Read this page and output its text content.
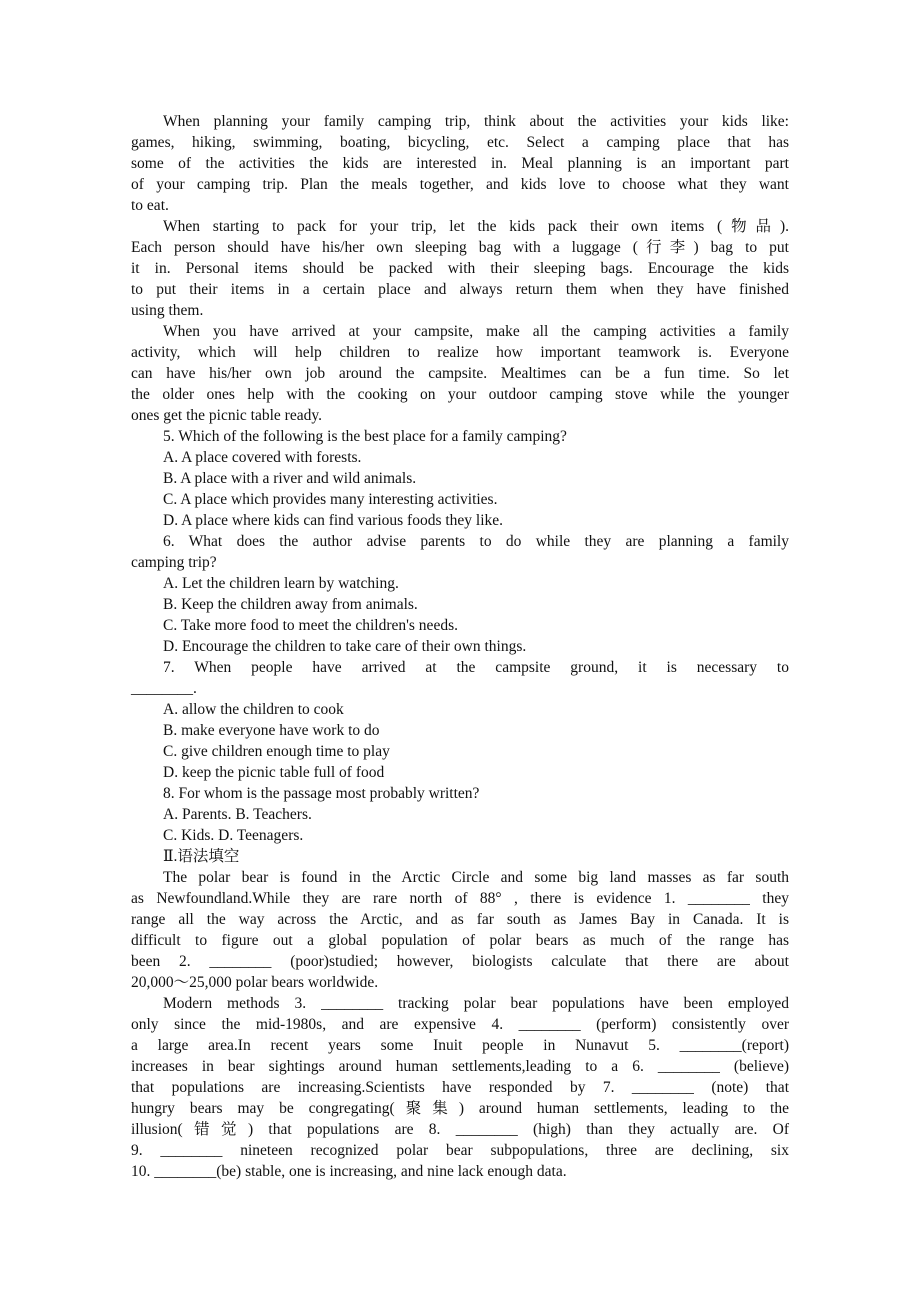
When planning your family camping trip, think about the activities your kids like:
games, hiking, swimming, boating, bicycling, etc. Select a camping place that has
some of the activities the kids are interested in. Meal planning is an important part
of your camping trip. Plan the meals together, and kids love to choose what they want
to eat.
When starting to pack for your trip, let the kids pack their own items (物品).
Each person should have his/her own sleeping bag with a luggage (行李) bag to put
it in. Personal items should be packed with their sleeping bags. Encourage the kids
to put their items in a certain place and always return them when they have finished
using them.
When you have arrived at your campsite, make all the camping activities a family
activity, which will help children to realize how important teamwork is. Everyone
can have his/her own job around the campsite. Mealtimes can be a fun time. So let
the older ones help with the cooking on your outdoor camping stove while the younger
ones get the picnic table ready.
5. Which of the following is the best place for a family camping?
A. A place covered with forests.
B. A place with a river and wild animals.
C. A place which provides many interesting activities.
D. A place where kids can find various foods they like.
6. What does the author advise parents to do while they are planning a family
camping trip?
A. Let the children learn by watching.
B. Keep the children away from animals.
C. Take more food to meet the children's needs.
D. Encourage the children to take care of their own things.
7. When people have arrived at the campsite ground, it is necessary to
________.
A. allow the children to cook
B. make everyone have work to do
C. give children enough time to play
D. keep the picnic table full of food
8. For whom is the passage most probably written?
A. Parents. B. Teachers.
C. Kids. D. Teenagers.
Ⅱ.语法填空
The polar bear is found in the Arctic Circle and some big land masses as far south
as Newfoundland.While they are rare north of 88° , there is evidence 1. ________ they
range all the way across the Arctic, and as far south as James Bay in Canada. It is
difficult to figure out a global population of polar bears as much of the range has
been 2. ________ (poor)studied; however, biologists calculate that there are about
20,000～25,000 polar bears worldwide.
Modern methods 3. ________ tracking polar bear populations have been employed
only since the mid-1980s, and are expensive 4. ________ (perform) consistently over
a large area.In recent years some Inuit people in Nunavut 5. ________(report)
increases in bear sightings around human settlements,leading to a 6. ________ (believe)
that populations are increasing.Scientists have responded by 7. ________ (note) that
hungry bears may be congregating(聚集) around human settlements, leading to the
illusion(错觉) that populations are 8. ________ (high) than they actually are. Of
9. ________ nineteen recognized polar bear subpopulations, three are declining, six
10. ________(be) stable, one is increasing, and nine lack enough data.
